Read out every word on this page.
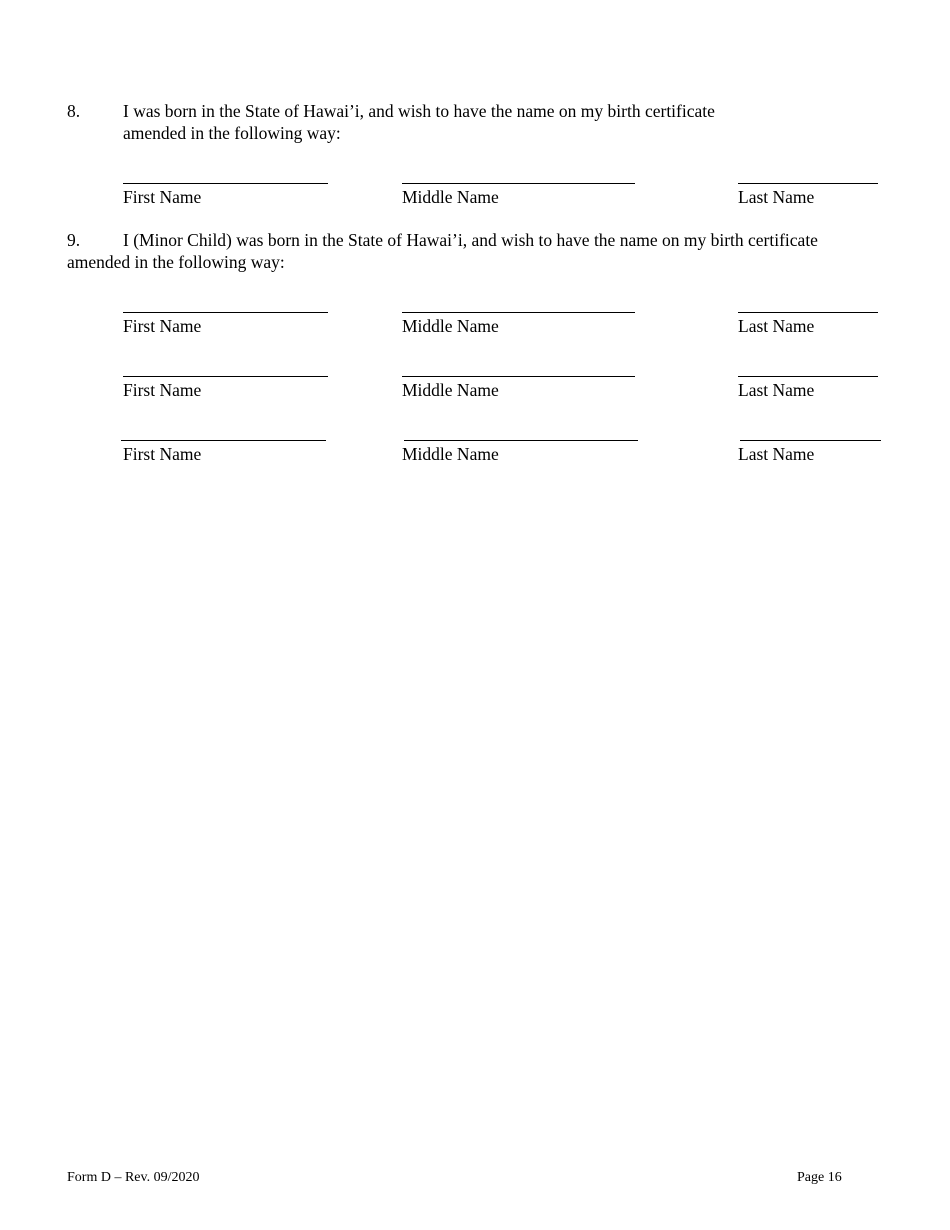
8. I was born in the State of Hawai’i, and wish to have the name on my birth certificate
amended in the following way:
First Name	Middle Name	Last Name
9. I (Minor Child) was born in the State of Hawai’i, and wish to have the name on my birth certificate
amended in the following way:
First Name	Middle Name	Last Name
First Name	Middle Name	Last Name
First Name	Middle Name	Last Name
Form D – Rev. 09/2020	Page 16
